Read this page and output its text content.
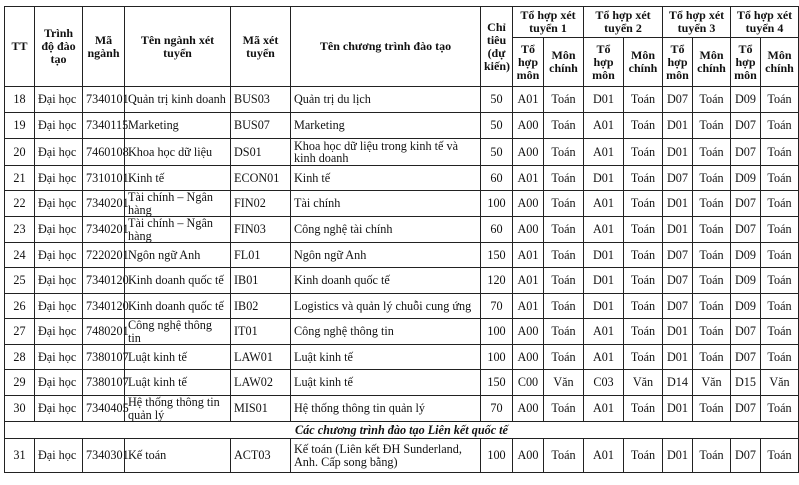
TT	Trình độ đào tạo	Mã ngành	Tên ngành xét tuyển	Mã xét tuyển	Tên chương trình đào tạo	Chỉ tiêu (dự kiến)	Tổ hợp xét tuyển 1		Tổ hợp xét tuyển 2		Tổ hợp xét tuyển 3		Tổ hợp xét tuyển 4	
							Tổ hợp môn	Môn chính	Tổ hợp môn	Môn chính	Tổ hợp môn	Môn chính	Tổ hợp môn	Môn chính
18	Đại học	7340101	Quản trị kinh doanh	BUS03	Quản trị du lịch	50	A01	Toán	D01	Toán	D07	Toán	D09	Toán
19	Đại học	7340115	Marketing	BUS07	Marketing	50	A00	Toán	A01	Toán	D01	Toán	D07	Toán
20	Đại học	7460108	Khoa học dữ liệu	DS01	Khoa học dữ liệu trong kinh tế và kinh doanh	50	A00	Toán	A01	Toán	D01	Toán	D07	Toán
21	Đại học	7310101	Kinh tế	ECON01	Kinh tế	60	A01	Toán	D01	Toán	D07	Toán	D09	Toán
22	Đại học	7340201	Tài chính – Ngân hàng	FIN02	Tài chính	100	A00	Toán	A01	Toán	D01	Toán	D07	Toán
23	Đại học	7340201	Tài chính – Ngân hàng	FIN03	Công nghệ tài chính	60	A00	Toán	A01	Toán	D01	Toán	D07	Toán
24	Đại học	7220201	Ngôn ngữ Anh	FL01	Ngôn ngữ Anh	150	A01	Toán	D01	Toán	D07	Toán	D09	Toán
25	Đại học	7340120	Kinh doanh quốc tế	IB01	Kinh doanh quốc tế	120	A01	Toán	D01	Toán	D07	Toán	D09	Toán
26	Đại học	7340120	Kinh doanh quốc tế	IB02	Logistics và quản lý chuỗi cung ứng	70	A01	Toán	D01	Toán	D07	Toán	D09	Toán
27	Đại học	7480201	Công nghệ thông tin	IT01	Công nghệ thông tin	100	A00	Toán	A01	Toán	D01	Toán	D07	Toán
28	Đại học	7380107	Luật kinh tế	LAW01	Luật kinh tế	100	A00	Toán	A01	Toán	D01	Toán	D07	Toán
29	Đại học	7380107	Luật kinh tế	LAW02	Luật kinh tế	150	C00	Văn	C03	Văn	D14	Văn	D15	Văn
30	Đại học	7340405	Hệ thống thông tin quản lý	MIS01	Hệ thống thông tin quản lý	70	A00	Toán	A01	Toán	D01	Toán	D07	Toán
Các chương trình đào tạo Liên kết quốc tế														
31	Đại học	7340301	Kế toán	ACT03	Kế toán (Liên kết ĐH Sunderland, Anh. Cấp song bằng)	100	A00	Toán	A01	Toán	D01	Toán	D07	Toán
